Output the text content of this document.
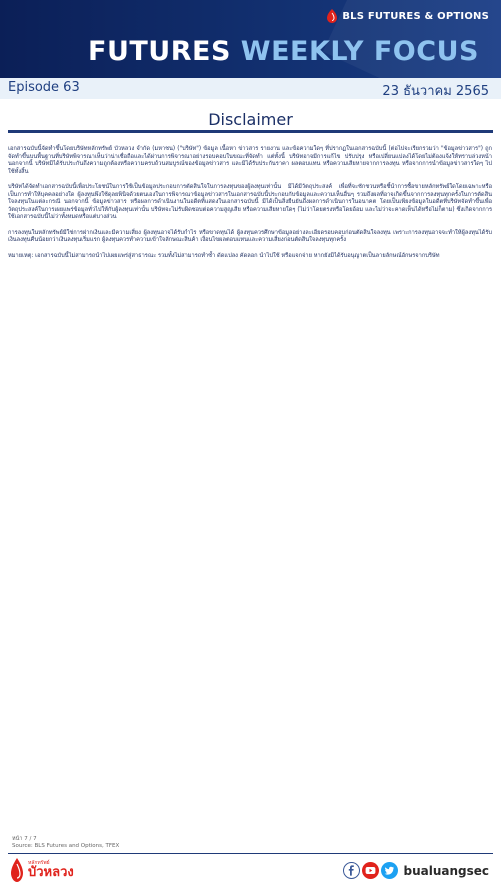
BLS FUTURES & OPTIONS
FUTURES WEEKLY FOCUS
Episode 63	23 ธันวาคม 2565
Disclaimer

เอกสารฉบับนี้จัดทำขึ้นโดยบริษัทหลักทรัพย์ บัวหลวง จำกัด (มหาชน) ("บริษัท") ข้อมูล เนื้อหา ข่าวสาร รายงาน และข้อความใดๆ ที่ปรากฏในเอกสารฉบับนี้ (ต่อไปจะเรียกรวมว่า "ข้อมูลข่าวสาร") ถูกจัดทำขึ้นบนพื้นฐานที่บริษัทพิจารณาเห็นว่าน่าเชื่อถือและได้ผ่านการพิจารณาอย่างรอบคอบในขณะที่จัดทำ แต่ทั้งนี้ บริษัทอาจมีการแก้ไข ปรับปรุง หรือเปลี่ยนแปลงได้โดยไม่ต้องแจ้งให้ทราบล่วงหน้า นอกจากนี้ บริษัทมิได้รับประกันถึงความถูกต้องหรือความครบถ้วนสมบูรณ์ของข้อมูลข่าวสาร และมิได้รับประกันราคา ผลตอบแทน หรือความเสียหายจากการลงทุน หรือจากการนำข้อมูลข่าวสารใดๆ ไปใช้ทั้งสิ้น

บริษัทได้จัดทำเอกสารฉบับนี้เพื่อประโยชน์ในการใช้เป็นข้อมูลประกอบการตัดสินใจในการลงทุนของผู้ลงทุนเท่านั้น มิได้มีวัตถุประสงค์ เพื่อที่จะชักชวนหรือชี้นำการซื้อขายหลักทรัพย์ใดโดยเฉพาะหรือเป็นการทำให้บุคคลอย่างใด ผู้ลงทุนพึงใช้ดุลยพินิจด้วยตนเองในการพิจารณาข้อมูลข่าวสารในเอกสารฉบับนี้ประกอบกับข้อมูลและความเห็นอื่นๆ รวมถึงผลที่อาจเกิดขึ้นจากการลงทุนทุกครั้งในการตัดสินใจลงทุนในแต่ละกรณี นอกจากนี้ ข้อมูลข่าวสาร หรือผลการดำเนินงานในอดีตที่แสดงในเอกสารฉบับนี้ มิได้เป็นสิ่งยืนยันถึงผลการดำเนินการในอนาคต โดยเป็นเพียงข้อมูลในอดีตที่บริษัทจัดทำขึ้นเพื่อวัตถุประสงค์ในการเผยแพร่ข้อมูลทั่วไปให้กับผู้ลงทุนเท่านั้น บริษัทจะไม่รับผิดชอบต่อความสูญเสีย หรือความเสียหายใดๆ (ไม่ว่าโดยตรงหรือโดยอ้อม และไม่ว่าจะคาดเห็นได้หรือไม่ก็ตาม) ซึ่งเกิดจากการใช้เอกสารฉบับนี้ไม่ว่าทั้งหมดหรือแต่บางส่วน

การลงทุนในหลักทรัพย์มีใช่การฝากเงินและมีความเสี่ยง ผู้ลงทุนอาจได้รับกำไร หรือขาดทุนได้ ผู้ลงทุนควรศึกษาข้อมูลอย่างละเอียดรอบคอบก่อนตัดสินใจลงทุน เพราะการลงทุนอาจจะทำให้ผู้ลงทุนได้รับเงินลงทุนคืนน้อยกว่าเงินลงทุนเริ่มแรก ผู้ลงทุนควรทำความเข้าใจลักษณะสินค้า เงื่อนไขผลตอบแทนและความเสี่ยงก่อนตัดสินใจลงทุนทุกครั้ง

หมายเหตุ: เอกสารฉบับนี้ไม่สามารถนำไปเผยแพร่สู่สาธารณะ รวมทั้งไม่สามารถทำซ้ำ ดัดแปลง คัดลอก นำไปใช้ หรือแจกจ่าย หากยังมิได้รับอนุญาตเป็นลายลักษณ์อักษรจากบริษัท

หน้า 7 / 7
Source: BLS Futures and Options, TFEX
หลักทรัพย์
บัวหลวง	bualuangsec
